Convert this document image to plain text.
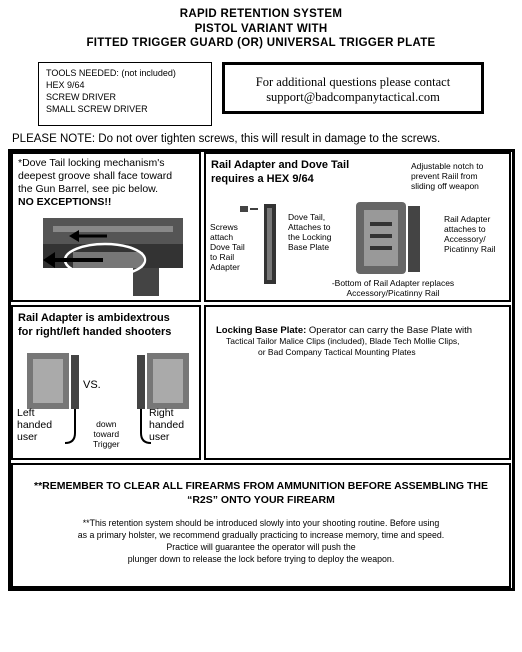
RAPID RETENTION SYSTEM
PISTOL VARIANT WITH
FITTED TRIGGER GUARD (OR) UNIVERSAL TRIGGER PLATE
TOOLS NEEDED: (not included)
HEX 9/64
SCREW DRIVER
SMALL SCREW DRIVER
For additional questions please contact
support@badcompanytactical.com
PLEASE NOTE: Do not over tighten screws, this will result in damage to the screws.
*Dove Tail locking mechanism's
deepest groove shall face toward
the Gun Barrel, see pic below.
NO EXCEPTIONS!!
Rail Adapter and Dove Tail
requires a HEX 9/64
Screws
attach
Dove Tail
to Rail
Adapter
Dove Tail,
Attaches to
the Locking
Base Plate
Adjustable notch to
prevent Raiil from
sliding off weapon
Rail Adapter
attaches to
Accessory/
Picatinny Rail
-Bottom of Rail Adapter replaces
Accessory/Picatinny Rail
Rail Adapter is ambidextrous
for right/left handed shooters
VS.
Left
handed
user
down
toward
Trigger
Right
handed
user
Locking Base Plate: Operator can carry the Base Plate with
Tactical Tailor Malice Clips (included), Blade Tech Mollie Clips,
or Bad Company Tactical Mounting Plates
**REMEMBER TO CLEAR ALL FIREARMS FROM AMMUNITION BEFORE ASSEMBLING THE
“R2S” ONTO YOUR FIREARM
**This retention system should be introduced slowly into your shooting routine. Before using
as a primary holster, we recommend gradually practicing to increase memory, time and speed.
Practice will guarantee the operator will push the
plunger down to release the lock before trying to deploy the weapon.
